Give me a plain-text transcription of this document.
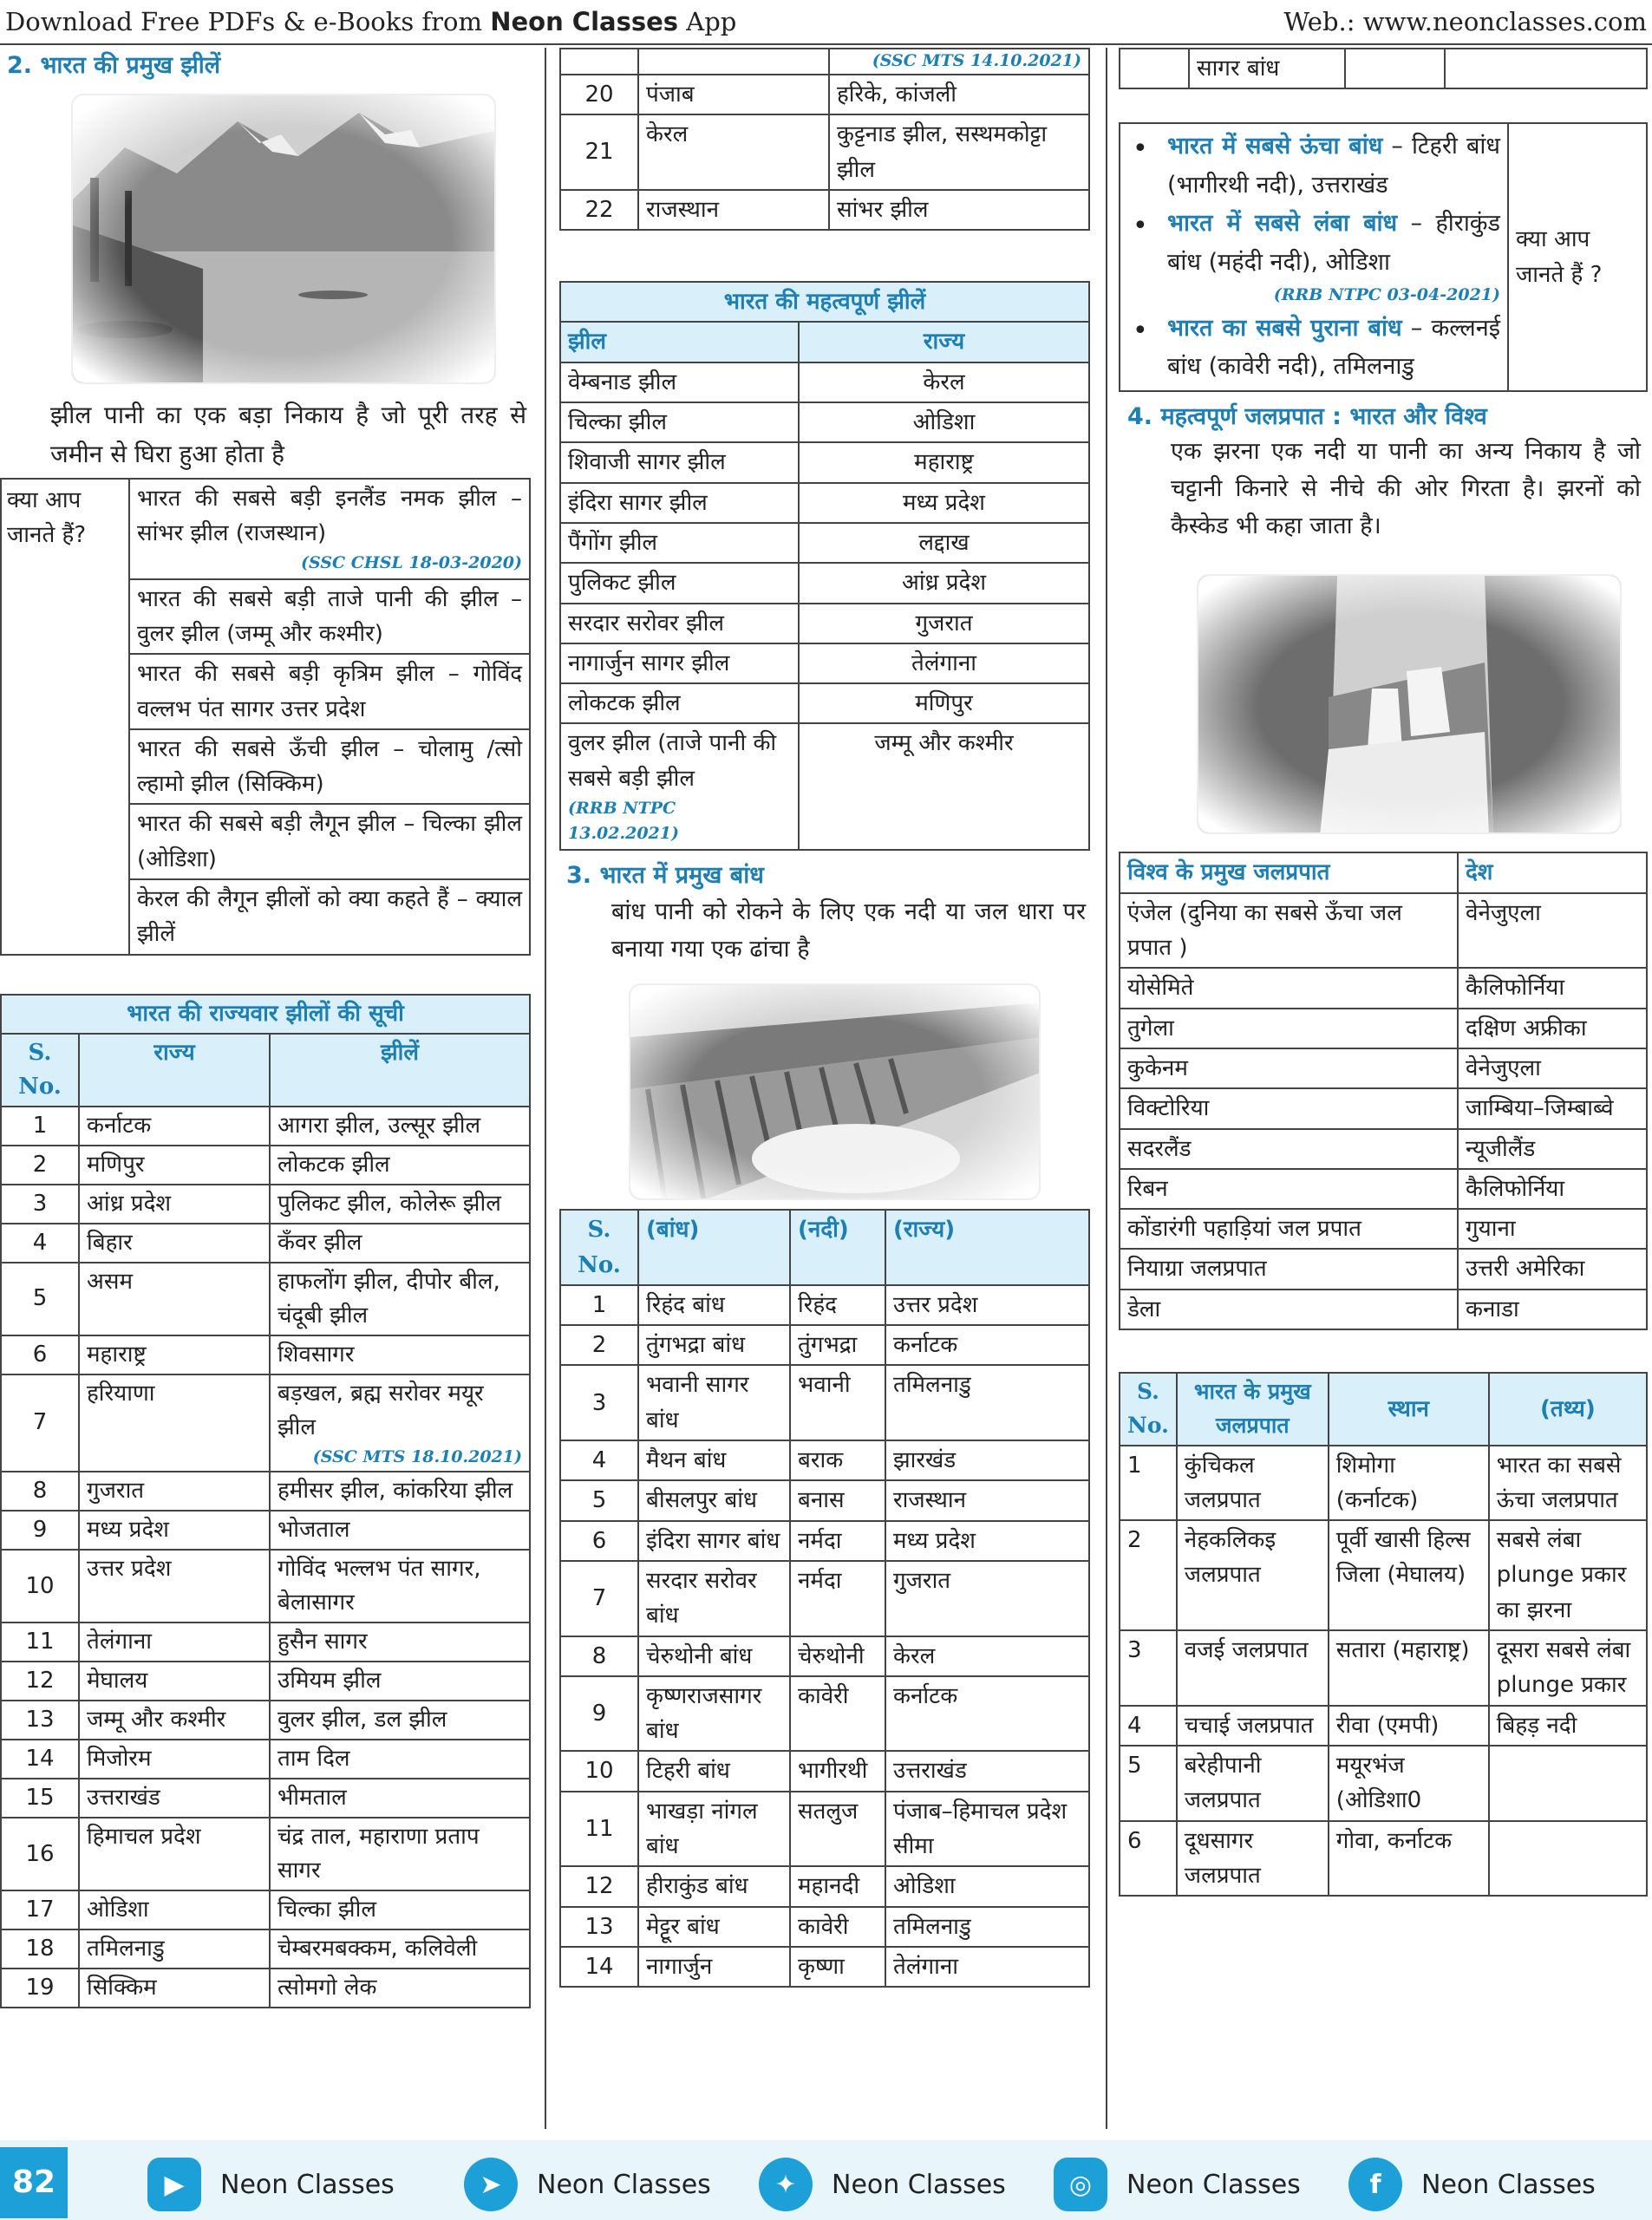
Download Free PDFs & e-Books from Neon Classes App	Web.: www.neonclasses.com
2. भारत की प्रमुख झीलें
झील पानी का एक बड़ा निकाय है जो पूरी तरह से जमीन से घिरा हुआ होता है
क्या आप जानते हैं?	
भारत की सबसे बड़ी इनलैंड नमक झील – सांभर झील (राजस्थान)
(SSC CHSL 18-03-2020)

भारत की सबसे बड़ी ताजे पानी की झील – वुलर झील (जम्मू और कश्मीर)
भारत की सबसे बड़ी कृत्रिम झील – गोविंद वल्लभ पंत सागर उत्तर प्रदेश
भारत की सबसे ऊँची झील – चोलामु /त्सो ल्हामो झील (सिक्किम)
भारत की सबसे बड़ी लैगून झील – चिल्का झील (ओडिशा)
केरल की लैगून झीलों को क्या कहते हैं – क्याल झीलें
भारत की राज्यवार झीलों की सूची		
S. No.	राज्य	झीलें
1	कर्नाटक	आगरा झील, उल्सूर झील

2	मणिपुर	लोकटक झील

3	आंध्र प्रदेश	पुलिकट झील, कोलेरू झील

4	बिहार	कँवर झील

5	असम	हाफलोंग झील, दीपोर बील, चंदूबी झील

6	महाराष्ट्र	शिवसागर

7	हरियाणा	बड़खल, ब्रह्म सरोवर मयूर झील
(SSC MTS 18.10.2021)

8	गुजरात	हमीसर झील, कांकरिया झील

9	मध्य प्रदेश	भोजताल

10	उत्तर प्रदेश	गोविंद भल्लभ पंत सागर, बेलासागर

11	तेलंगाना	हुसैन सागर

12	मेघालय	उमियम झील

13	जम्मू और कश्मीर	वुलर झील, डल झील

14	मिजोरम	ताम दिल

15	उत्तराखंड	भीमताल

16	हिमाचल प्रदेश	चंद्र ताल, महाराणा प्रताप सागर

17	ओडिशा	चिल्का झील

18	तमिलनाडु	चेम्बरमबक्कम, कलिवेली

19	सिक्किम	त्सोमगो लेक
		(SSC MTS 14.10.2021)
20	पंजाब	हरिके, कांजली
21	केरल	कुट्टनाड झील, सस्थमकोट्टा झील
22	राजस्थान	सांभर झील
भारत की महत्वपूर्ण झीलें	
झील	राज्य

वेम्बनाड झील	केरल

चिल्का झील	ओडिशा

शिवाजी सागर झील	महाराष्ट्र

इंदिरा सागर झील	मध्य प्रदेश

पैंगोंग झील	लद्दाख

पुलिकट झील	आंध्र प्रदेश

सरदार सरोवर झील	गुजरात

नागार्जुन सागर झील	तेलंगाना

लोकटक झील	मणिपुर

वुलर झील (ताजे पानी की सबसे बड़ी झील
(RRB NTPC 13.02.2021)	जम्मू और कश्मीर
3. भारत में प्रमुख बांध
बांध पानी को रोकने के लिए एक नदी या जल धारा पर बनाया गया एक ढांचा है
S. No.	(बांध)	(नदी)	(राज्य)
1	रिहंद बांध	रिहंद	उत्तर प्रदेश
2	तुंगभद्रा बांध	तुंगभद्रा	कर्नाटक
3	भवानी सागर बांध	भवानी	तमिलनाडु
4	मैथन बांध	बराक	झारखंड
5	बीसलपुर बांध	बनास	राजस्थान
6	इंदिरा सागर बांध	नर्मदा	मध्य प्रदेश
7	सरदार सरोवर बांध	नर्मदा	गुजरात
8	चेरुथोनी बांध	चेरुथोनी	केरल
9	कृष्णराजसागर बांध	कावेरी	कर्नाटक
10	टिहरी बांध	भागीरथी	उत्तराखंड
11	भाखड़ा नांगल बांध	सतलुज	पंजाब–हिमाचल प्रदेश सीमा
12	हीराकुंड बांध	महानदी	ओडिशा
13	मेट्टूर बांध	कावेरी	तमिलनाडु
14	नागार्जुन	कृष्णा	तेलंगाना
	सागर बांध		
• भारत में सबसे ऊंचा बांध – टिहरी बांध (भागीरथी नदी), उत्तराखंड
• भारत में सबसे लंबा बांध – हीराकुंड बांध (महंदी नदी), ओडिशा
(RRB NTPC 03-04-2021)
• भारत का सबसे पुराना बांध – कल्लनई बांध (कावेरी नदी), तमिलनाडु
	क्या आप जानते हैं ?
4. महत्वपूर्ण जलप्रपात : भारत और विश्व
एक झरना एक नदी या पानी का अन्य निकाय है जो चट्टानी किनारे से नीचे की ओर गिरता है। झरनों को कैस्केड भी कहा जाता है।
विश्व के प्रमुख जलप्रपात	देश
एंजेल (दुनिया का सबसे ऊँचा जल प्रपात )	वेनेजुएला
योसेमिते	कैलिफोर्निया
तुगेला	दक्षिण अफ्रीका
कुकेनम	वेनेजुएला
विक्टोरिया	जाम्बिया–जिम्बाब्वे
सदरलैंड	न्यूजीलैंड
रिबन	कैलिफोर्निया
कोंडारंगी पहाड़ियां जल प्रपात	गुयाना
नियाग्रा जलप्रपात	उत्तरी अमेरिका
डेला	कनाडा
S. No.	भारत के प्रमुख जलप्रपात	स्थान	(तथ्य)
1	कुंचिकल जलप्रपात	शिमोगा (कर्नाटक)	भारत का सबसे ऊंचा जलप्रपात
2	नेहकलिकइ जलप्रपात	पूर्वी खासी हिल्स जिला (मेघालय)	सबसे लंबा plunge प्रकार का झरना
3	वजई जलप्रपात	सतारा (महाराष्ट्र)	दूसरा सबसे लंबा plunge प्रकार
4	चचाई जलप्रपात	रीवा (एमपी)	बिहड़ नदी
5	बरेहीपानी जलप्रपात	मयूरभंज (ओडिशा0	
6	दूधसागर जलप्रपात	गोवा, कर्नाटक	
82	▶	Neon Classes	➤	Neon Classes	✦	Neon Classes	◎	Neon Classes	f	Neon Classes
